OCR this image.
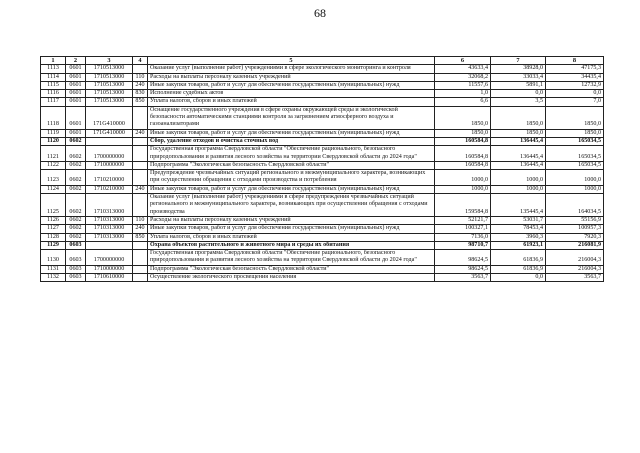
68
1	2	3	4	5	6	7	8
1113	0601	1710513000		Оказание услуг (выполнение работ) учреждениями в сфере экологического мониторинга и контроля	43633,4	38928,0	47175,3
1114	0601	1710513000	110	Расходы на выплаты персоналу казенных учреждений	32068,2	33033,4	34435,4
1115	0601	1710513000	240	Иные закупки товаров, работ и услуг для обеспечения государственных (муниципальных) нужд	11557,6	5891,1	12732,9
1116	0601	1710513000	830	Исполнение судебных актов	1,0	0,0	0,0
1117	0601	1710513000	850	Уплата налогов, сборов и иных платежей	6,6	3,5	7,0
1118	0601	171G410000		Оснащение государственного учреждения в сфере охраны окружающей среды и экологической безопасности автоматическими станциями контроля за загрязнением атмосферного воздуха и газоанализаторами	1850,0	1850,0	1850,0
1119	0601	171G410000	240	Иные закупки товаров, работ и услуг для обеспечения государственных (муниципальных) нужд	1850,0	1850,0	1850,0
1120	0602			Сбор, удаление отходов и очистка сточных вод	160584,8	136445,4	165034,5
1121	0602	1700000000		Государственная программа Свердловской области "Обеспечение рационального, безопасного природопользования и развития лесного хозяйства на территории Свердловской области до 2024 года"	160584,8	136445,4	165034,5
1122	0602	1710000000		Подпрограмма "Экологическая безопасность Свердловской области"	160584,8	136445,4	165034,5
1123	0602	1710210000		Предупреждение чрезвычайных ситуаций регионального и межмуниципального характера, возникающих при осуществлении обращения с отходами производства и потребления	1000,0	1000,0	1000,0
1124	0602	1710210000	240	Иные закупки товаров, работ и услуг для обеспечения государственных (муниципальных) нужд	1000,0	1000,0	1000,0
1125	0602	1710313000		Оказание услуг (выполнение работ) учреждениями в сфере предупреждения чрезвычайных ситуаций регионального и межмуниципального характера, возникающих при осуществлении обращения с отходами производства	159584,8	135445,4	164034,5
1126	0602	1710313000	110	Расходы на выплаты персоналу казенных учреждений	52121,7	53031,7	55156,9
1127	0602	1710313000	240	Иные закупки товаров, работ и услуг для обеспечения государственных (муниципальных) нужд	100327,1	78453,4	100957,3
1128	0602	1710313000	850	Уплата налогов, сборов и иных платежей	7136,0	3960,3	7920,3
1129	0603			Охрана объектов растительного и животного мира и среды их обитания	98710,7	61923,1	216081,9
1130	0603	1700000000		Государственная программа Свердловской области "Обеспечение рационального, безопасного природопользования и развития лесного хозяйства на территории Свердловской области до 2024 года"	98624,5	61836,9	216004,3
1131	0603	1710000000		Подпрограмма "Экологическая безопасность Свердловской области"	98624,5	61836,9	216004,3
1132	0603	1710610000		Осуществление экологического просвещения населения	3563,7	0,0	3563,7
